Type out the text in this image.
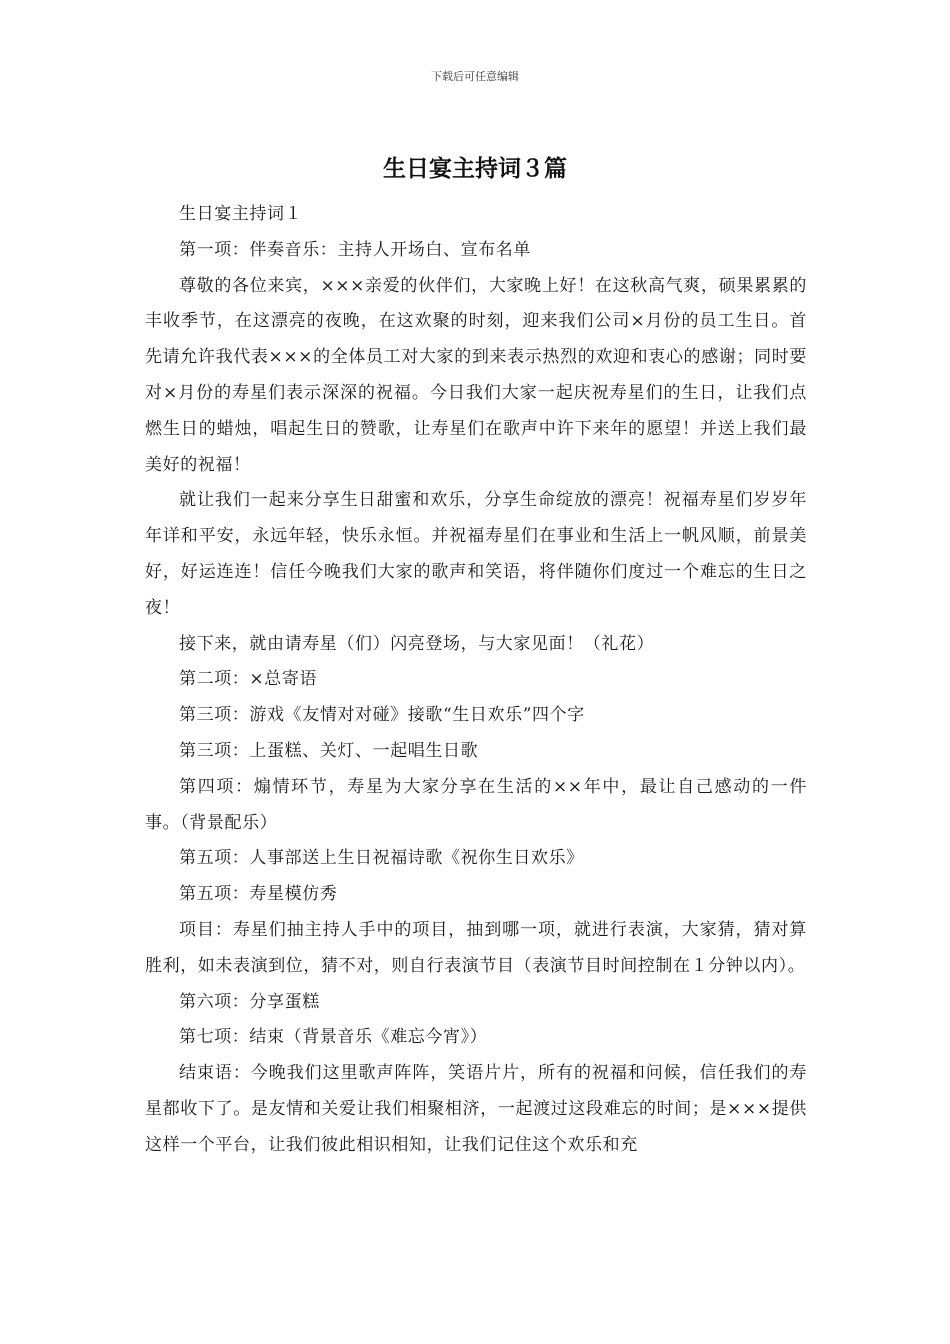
下载后可任意编辑
生日宴主持词３篇

生日宴主持词１

第一项：伴奏音乐：主持人开场白、宣布名单

尊敬的各位来宾，×××亲爱的伙伴们，大家晚上好！在这秋高气爽，硕果累累的丰收季节，在这漂亮的夜晚，在这欢聚的时刻，迎来我们公司×月份的员工生日。首先请允许我代表×××的全体员工对大家的到来表示热烈的欢迎和衷心的感谢；同时要对×月份的寿星们表示深深的祝福。今日我们大家一起庆祝寿星们的生日，让我们点燃生日的蜡烛，唱起生日的赞歌，让寿星们在歌声中许下来年的愿望！并送上我们最美好的祝福！

就让我们一起来分享生日甜蜜和欢乐，分享生命绽放的漂亮！祝福寿星们岁岁年年详和平安，永远年轻，快乐永恒。并祝福寿星们在事业和生活上一帆风顺，前景美好，好运连连！信任今晚我们大家的歌声和笑语，将伴随你们度过一个难忘的生日之夜！

接下来，就由请寿星（们）闪亮登场，与大家见面！（礼花）

第二项：×总寄语

第三项：游戏《友情对对碰》接歌“生日欢乐”四个字

第三项：上蛋糕、关灯、一起唱生日歌

第四项：煽情环节，寿星为大家分享在生活的××年中，最让自己感动的一件事。（背景配乐）

第五项：人事部送上生日祝福诗歌《祝你生日欢乐》

第五项：寿星模仿秀

项目：寿星们抽主持人手中的项目，抽到哪一项，就进行表演，大家猜，猜对算胜利，如未表演到位，猜不对，则自行表演节目（表演节目时间控制在１分钟以内）。

第六项：分享蛋糕

第七项：结束（背景音乐《难忘今宵》）

结束语：今晚我们这里歌声阵阵，笑语片片，所有的祝福和问候，信任我们的寿星都收下了。是友情和关爱让我们相聚相济，一起渡过这段难忘的时间；是×××提供这样一个平台，让我们彼此相识相知，让我们记住这个欢乐和充
